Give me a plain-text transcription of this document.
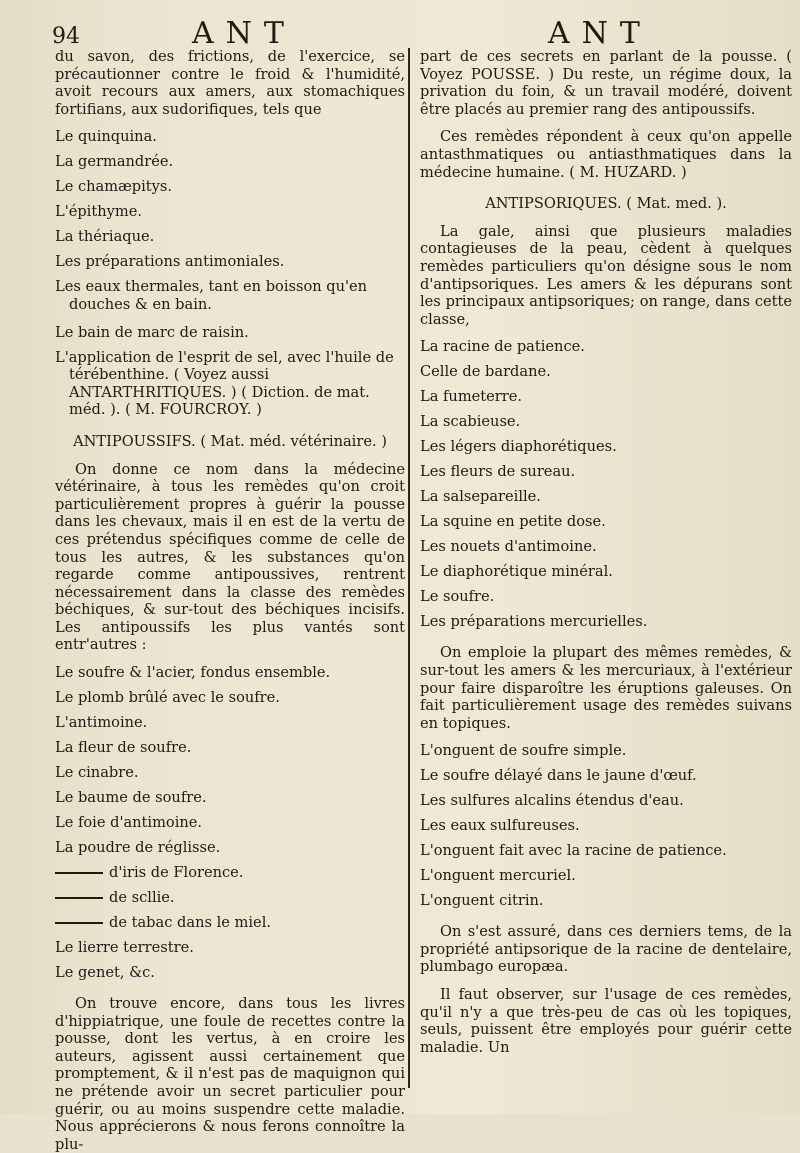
94	ANT	ANT

du savon, des frictions, de l'exercice, se précautionner contre le froid & l'humidité, avoit recours aux amers, aux stomachiques fortifians, aux sudorifiques, tels que

Le quinquina.
La germandrée.
Le chamæpitys.
L'épithyme.
La thériaque.
Les préparations antimoniales.
Les eaux thermales, tant en boisson qu'en douches & en bain.
Le bain de marc de raisin.
L'application de l'esprit de sel, avec l'huile de térébenthine. ( Voyez aussi ANTARTHRITIQUES. ) ( Diction. de mat. méd. ). ( M. FOURCROY. )
ANTIPOUSSIFS. ( Mat. méd. vétérinaire. )

On donne ce nom dans la médecine vétérinaire, à tous les remèdes qu'on croit particulièrement propres à guérir la pousse dans les chevaux, mais il en est de la vertu de ces prétendus spécifiques comme de celle de tous les autres, & les substances qu'on regarde comme antipoussives, rentrent nécessairement dans la classe des remèdes béchiques, & sur-tout des béchiques incisifs. Les antipoussifs les plus vantés sont entr'autres :

Le soufre & l'acier, fondus ensemble.
Le plomb brûlé avec le soufre.
L'antimoine.
La fleur de soufre.
Le cinabre.
Le baume de soufre.
Le foie d'antimoine.
La poudre de réglisse.
d'iris de Florence.
de scllie.
de tabac dans le miel.
Le lierre terrestre.
Le genet, &c.

On trouve encore, dans tous les livres d'hippiatrique, une foule de recettes contre la pousse, dont les vertus, à en croire les auteurs, agissent aussi certainement que promptement, & il n'est pas de maquignon qui ne prétende avoir un secret particulier pour guérir, ou au moins suspendre cette maladie. Nous apprécierons & nous ferons connoître la plu-

part de ces secrets en parlant de la pousse. ( Voyez POUSSE. ) Du reste, un régime doux, la privation du foin, & un travail modéré, doivent être placés au premier rang des antipoussifs.

Ces remèdes répondent à ceux qu'on appelle antasthmatiques ou antiasthmatiques dans la médecine humaine. ( M. HUZARD. )

ANTIPSORIQUES. ( Mat. med. ).

La gale, ainsi que plusieurs maladies contagieuses de la peau, cèdent à quelques remèdes particuliers qu'on désigne sous le nom d'antipsoriques. Les amers & les dépurans sont les principaux antipsoriques; on range, dans cette classe,

La racine de patience.
Celle de bardane.
La fumeterre.
La scabieuse.
Les légers diaphorétiques.
Les fleurs de sureau.
La salsepareille.
La squine en petite dose.
Les nouets d'antimoine.
Le diaphorétique minéral.
Le soufre.
Les préparations mercurielles.

On emploie la plupart des mêmes remèdes, & sur-tout les amers & les mercuriaux, à l'extérieur pour faire disparoître les éruptions galeuses. On fait particulièrement usage des remèdes suivans en topiques.

L'onguent de soufre simple.
Le soufre délayé dans le jaune d'œuf.
Les sulfures alcalins étendus d'eau.
Les eaux sulfureuses.
L'onguent fait avec la racine de patience.
L'onguent mercuriel.
L'onguent citrin.

On s'est assuré, dans ces derniers tems, de la propriété antipsorique de la racine de dentelaire, plumbago europæa.

Il faut observer, sur l'usage de ces remèdes, qu'il n'y a que très-peu de cas où les topiques, seuls, puissent être employés pour guérir cette maladie. Un
